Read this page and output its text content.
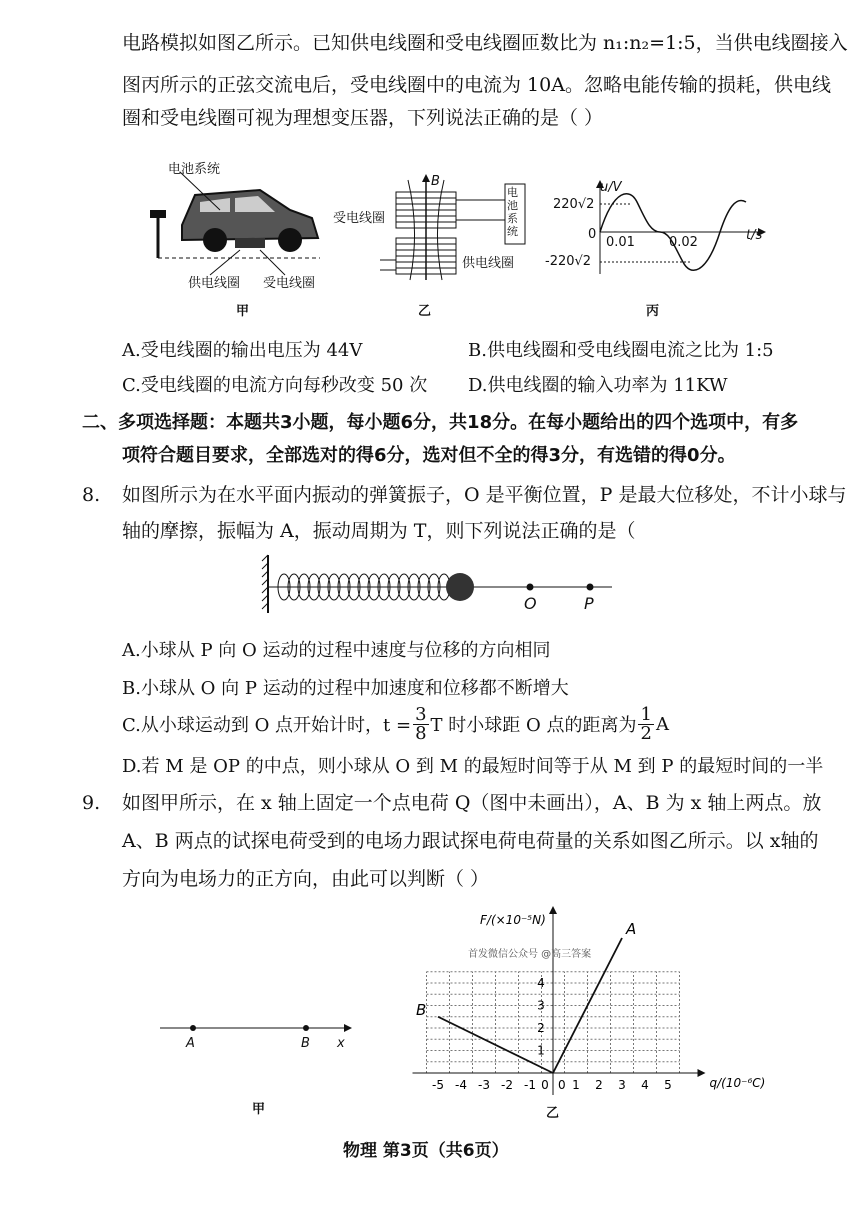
电路模拟如图乙所示。已知供电线圈和受电线圈匝数比为 n₁:n₂=1:5，当供电线圈接入
图丙所示的正弦交流电后，受电线圈中的电流为 10A。忽略电能传输的损耗，供电线
圈和受电线圈可视为理想变压器，下列说法正确的是（ ）
电池系统
供电线圈 受电线圈
甲
受电线圈
供电线圈
电池系统
B
乙
u/V
t/s
220√2
-220√2
0
0.01	0.02
丙
A.受电线圈的输出电压为 44V	B.供电线圈和受电线圈电流之比为 1:5
C.受电线圈的电流方向每秒改变 50 次 D.供电线圈的输入功率为 11KW
二、多项选择题：本题共3小题，每小题6分，共18分。在每小题给出的四个选项中，有多
项符合题目要求，全部选对的得6分，选对但不全的得3分，有选错的得0分。
8. 如图所示为在水平面内振动的弹簧振子，O 是平衡位置，P 是最大位移处，不计小球与
轴的摩擦，振幅为 A，振动周期为 T，则下列说法正确的是（
O	P
A.小球从 P 向 O 运动的过程中速度与位移的方向相同
B.小球从 O 向 P 运动的过程中加速度和位移都不断增大
C.从小球运动到 O 点开始计时，$t = \frac{3}{8}$ T 时小球距 O 点的距离为 $\frac{1}{2}$ A
D.若 M 是 OP 的中点，则小球从 O 到 M 的最短时间等于从 M 到 P 的最短时间的一半
9. 如图甲所示，在 x 轴上固定一个点电荷 Q（图中未画出），A、B 为 x 轴上两点。放
A、B 两点的试探电荷受到的电场力跟试探电荷电荷量的关系如图乙所示。以 x轴的
方向为电场力的正方向，由此可以判断（ ）
A	B x
甲
-5 -4 -3 -2 -1 0 1 2 3 4 5
0
1
2
3
4
F/(×10⁻⁵N)
q/(10⁻⁶C)
A
B
首发微信公众号 @高三答案
乙
物理 第3页（共6页）
